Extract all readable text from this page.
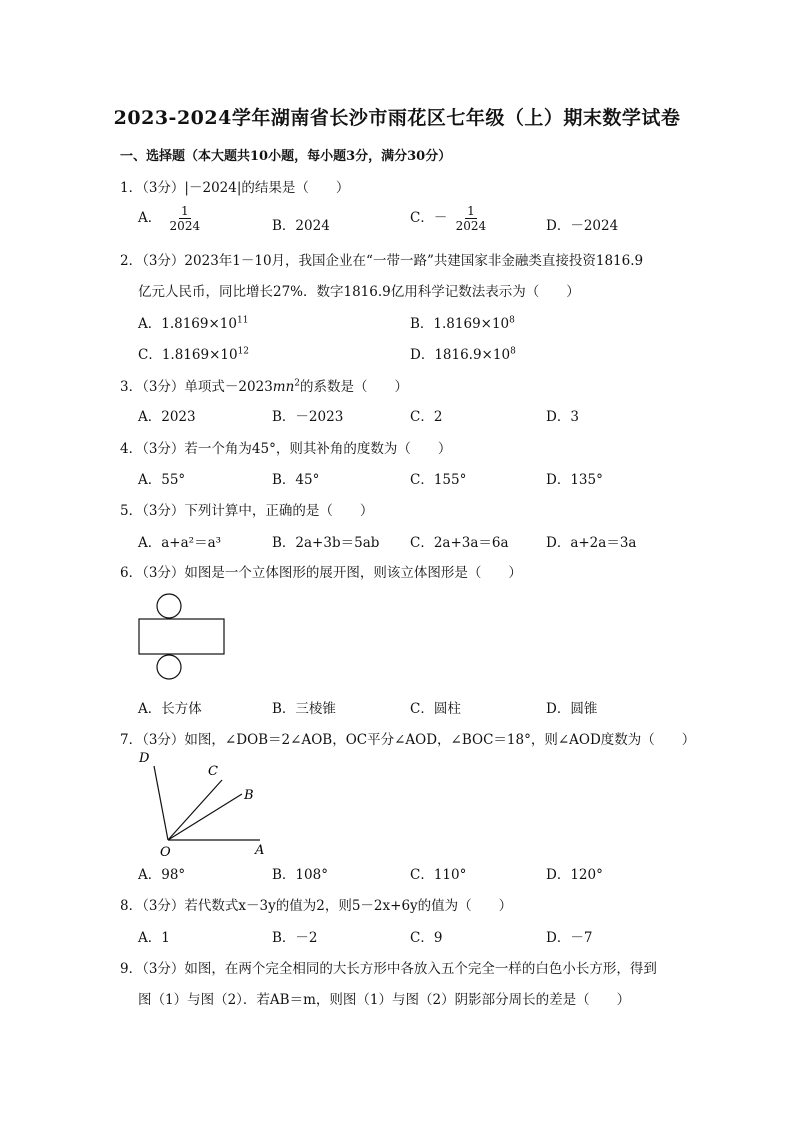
2023-2024学年湖南省长沙市雨花区七年级（上）期末数学试卷
一、选择题（本大题共10小题，每小题3分，满分30分）
1．（3分）|－2024|的结果是（　　）
A． $\frac{1}{2024}$	B．2024	C．－ $\frac{1}{2024}$	D．－2024
2．（3分）2023年1－10月，我国企业在“一带一路”共建国家非金融类直接投资1816.9
亿元人民币，同比增长27%．数字1816.9亿用科学记数法表示为（　　）
A．$1.8169\times 10^{11}$	B．$1.8169\times 10^8$
C．$1.8169\times 10^{12}$	D．$1816.9\times 10^8$
3．（3分）单项式$-2023mn^2$的系数是（　　）
A．2023	B．－2023	C．2	D．3
4．（3分）若一个角为45°，则其补角的度数为（　　）
A．55°	B．45°	C．155°	D．135°
5．（3分）下列计算中，正确的是（　　）
A．a+a²＝a³	B．2a+3b＝5ab C．2a+3a＝6a	D．a+2a＝3a
6．（3分）如图是一个立体图形的展开图，则该立体图形是（　　）
A．长方体	B．三棱锥	C．圆柱	D．圆锥
7．（3分）如图，∠DOB＝2∠AOB，OC平分∠AOD，∠BOC＝18°，则∠AOD度数为（　　）
D
C
B
O	A
A．98°	B．108°	C．110°	D．120°
8．（3分）若代数式x－3y的值为2，则5－2x+6y的值为（　　）
A．1	B．－2	C．9	D．－7
9．（3分）如图，在两个完全相同的大长方形中各放入五个完全一样的白色小长方形，得到
图（1）与图（2）．若AB＝m，则图（1）与图（2）阴影部分周长的差是（　　）
